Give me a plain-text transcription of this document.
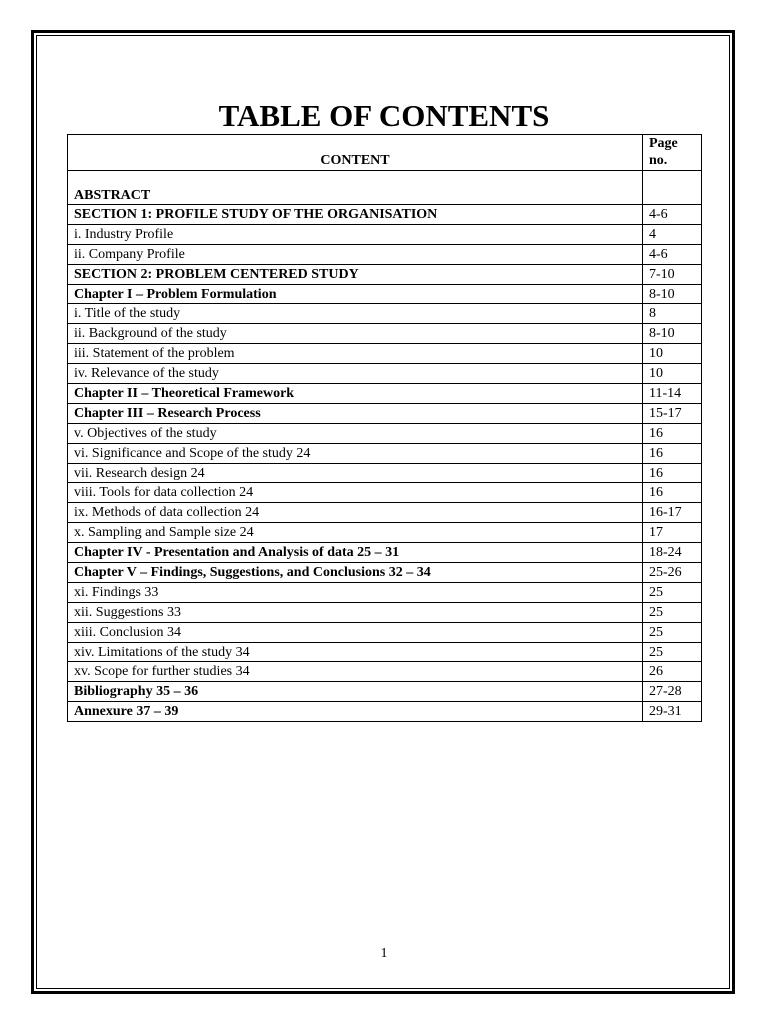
TABLE OF CONTENTS
CONTENT	Page
no.
ABSTRACT	
SECTION 1: PROFILE STUDY OF THE ORGANISATION	4-6
i. Industry Profile	4
ii. Company Profile	4-6
SECTION 2: PROBLEM CENTERED STUDY	7-10
Chapter I – Problem Formulation	8-10
i. Title of the study	8
ii. Background of the study	8-10
iii. Statement of the problem	10
iv. Relevance of the study	10
Chapter II – Theoretical Framework	11-14
Chapter III – Research Process	15-17
v. Objectives of the study	16
vi. Significance and Scope of the study 24	16
vii. Research design 24	16
viii. Tools for data collection 24	16
ix. Methods of data collection 24	16-17
x. Sampling and Sample size 24	17
Chapter IV - Presentation and Analysis of data 25 – 31	18-24
Chapter V – Findings, Suggestions, and Conclusions 32 – 34	25-26
xi. Findings 33	25
xii. Suggestions 33	25
xiii. Conclusion 34	25
xiv. Limitations of the study 34	25
xv. Scope for further studies 34	26
Bibliography 35 – 36	27-28
Annexure 37 – 39	29-31
1
